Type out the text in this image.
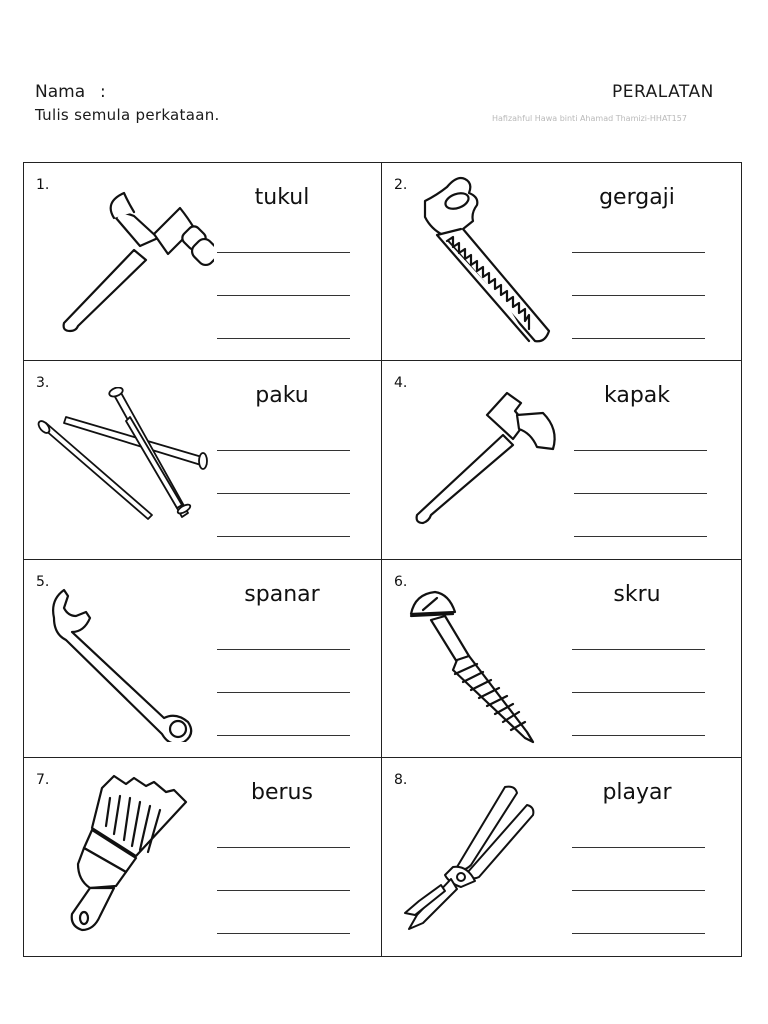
Nama :
Tulis semula perkataan.
PERALATAN
Hafizahful Hawa binti Ahamad Thamizi-HHAT157
1.	tukul	2.	gergaji
3.	paku	4.	kapak
5.	spanar	6.	skru
7.	berus	8.	playar
